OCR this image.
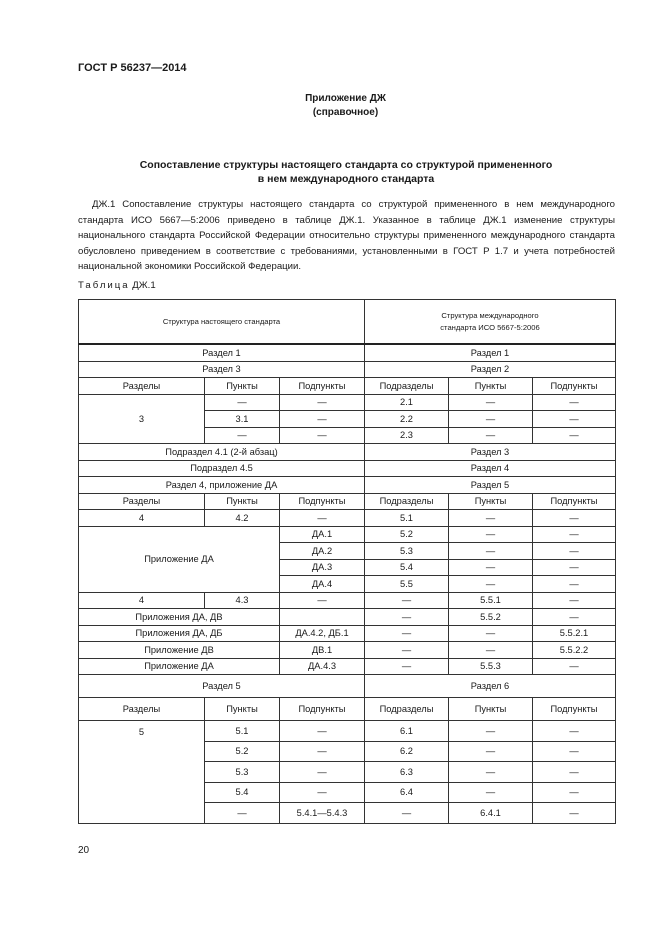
ГОСТ Р 56237—2014
Приложение ДЖ
(справочное)
Сопоставление структуры настоящего стандарта со структурой примененного
в нем международного стандарта

ДЖ.1 Сопоставление структуры настоящего стандарта со структурой примененного в нем международного стандарта ИСО 5667—5:2006 приведено в таблице ДЖ.1. Указанное в таблице ДЖ.1 изменение структуры национального стандарта Российской Федерации относительно структуры примененного международного стандарта обусловлено приведением в соответствие с требованиями, установленными в ГОСТ Р 1.7 и учета потребностей национальной экономики Российской Федерации.

Таблица ДЖ.1
Структура настоящего стандарта			Структура международного
стандарта ИСО 5667-5:2006		

Раздел 1			Раздел 1		
Раздел 3			Раздел 2		
Разделы	Пункты	Подпункты	Подразделы	Пункты	Подпункты
3	—	—	2.1	—	—
	3.1	—	2.2	—	—
	—	—	2.3	—	—
Подраздел 4.1 (2-й абзац)			Раздел 3		
Подраздел 4.5			Раздел 4		
Раздел 4, приложение ДА			Раздел 5		
Разделы	Пункты	Подпункты	Подразделы	Пункты	Подпункты
4	4.2	—	5.1	—	—
Приложение ДА		ДА.1	5.2	—	—
		ДА.2	5.3	—	—
		ДА.3	5.4	—	—
		ДА.4	5.5	—	—
4	4.3	—	—	5.5.1	—
Приложения ДА, ДВ			—	5.5.2	—
Приложения ДА, ДБ		ДА.4.2, ДБ.1	—	—	5.5.2.1
Приложение ДВ		ДВ.1	—	—	5.5.2.2
Приложение ДА		ДА.4.3	—	5.5.3	—
Раздел 5			Раздел 6		
Разделы	Пункты	Подпункты	Подразделы	Пункты	Подпункты
5	5.1	—	6.1	—	—
	5.2	—	6.2	—	—
	5.3	—	6.3	—	—
	5.4	—	6.4	—	—
	—	5.4.1—5.4.3	—	6.4.1	—
20
